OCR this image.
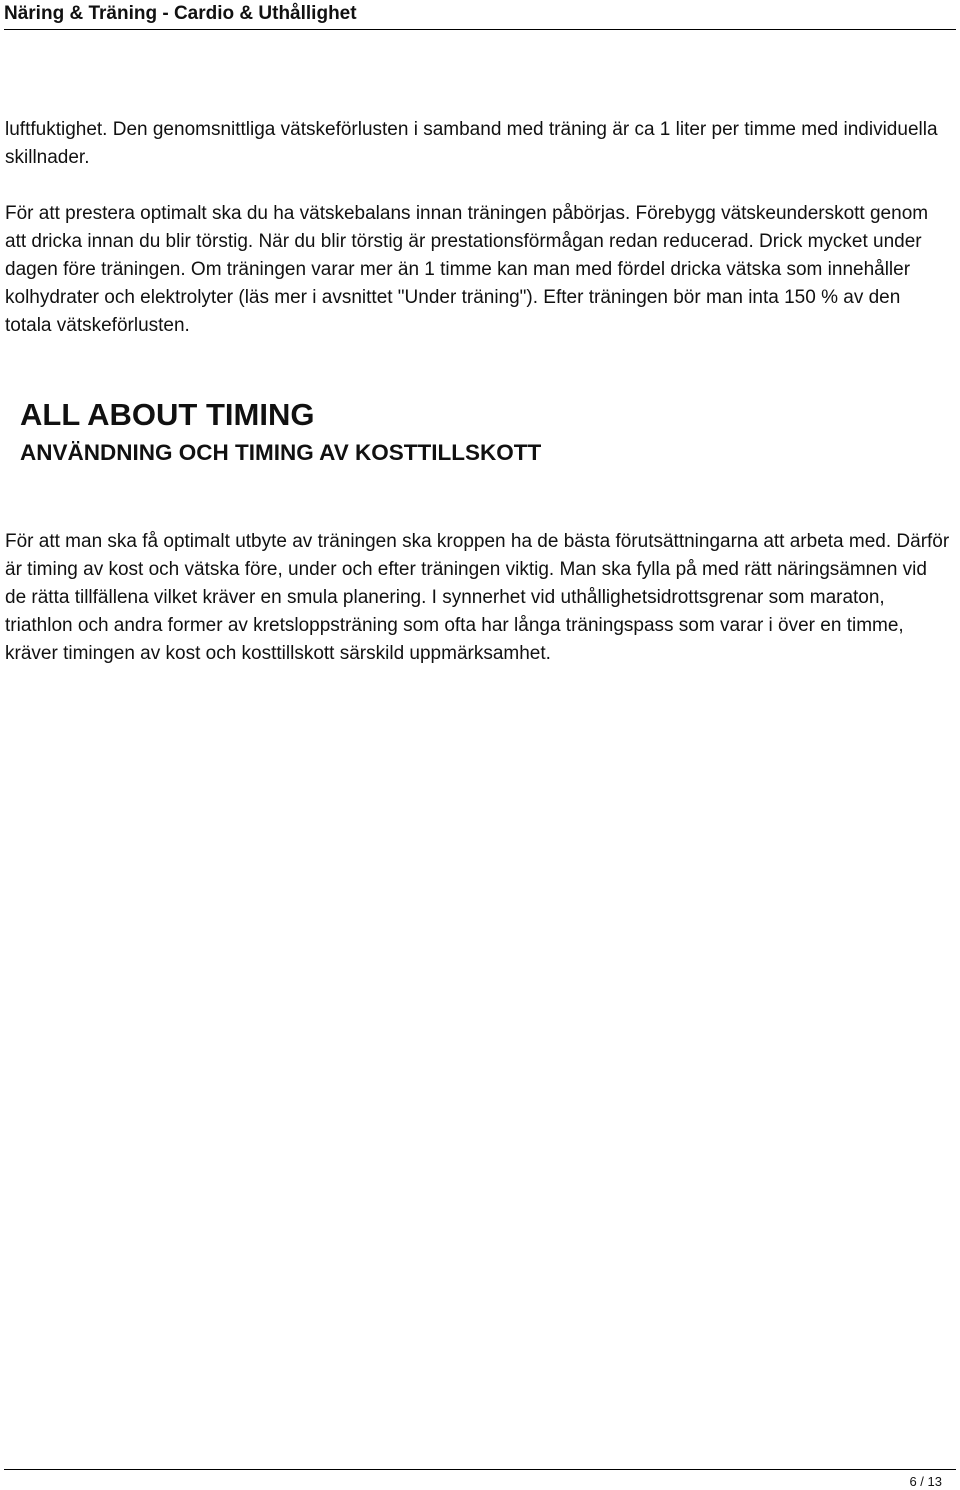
Näring & Träning - Cardio & Uthållighet

luftfuktighet. Den genomsnittliga vätskeförlusten i samband med träning är ca 1 liter per timme med individuella skillnader.

För att prestera optimalt ska du ha vätskebalans innan träningen påbörjas. Förebygg vätskeunderskott genom att dricka innan du blir törstig. När du blir törstig är prestationsförmågan redan reducerad. Drick mycket under dagen före träningen. Om träningen varar mer än 1 timme kan man med fördel dricka vätska som innehåller kolhydrater och elektrolyter (läs mer i avsnittet "Under träning"). Efter träningen bör man inta 150 % av den totala vätskeförlusten.

ALL ABOUT TIMING
ANVÄNDNING OCH TIMING AV KOSTTILLSKOTT

För att man ska få optimalt utbyte av träningen ska kroppen ha de bästa förutsättningarna att arbeta med. Därför är timing av kost och vätska före, under och efter träningen viktig. Man ska fylla på med rätt näringsämnen vid de rätta tillfällena vilket kräver en smula planering. I synnerhet vid uthållighetsidrottsgrenar som maraton, triathlon och andra former av kretsloppsträning som ofta har långa träningspass som varar i över en timme, kräver timingen av kost och kosttillskott särskild uppmärksamhet.

6 / 13
